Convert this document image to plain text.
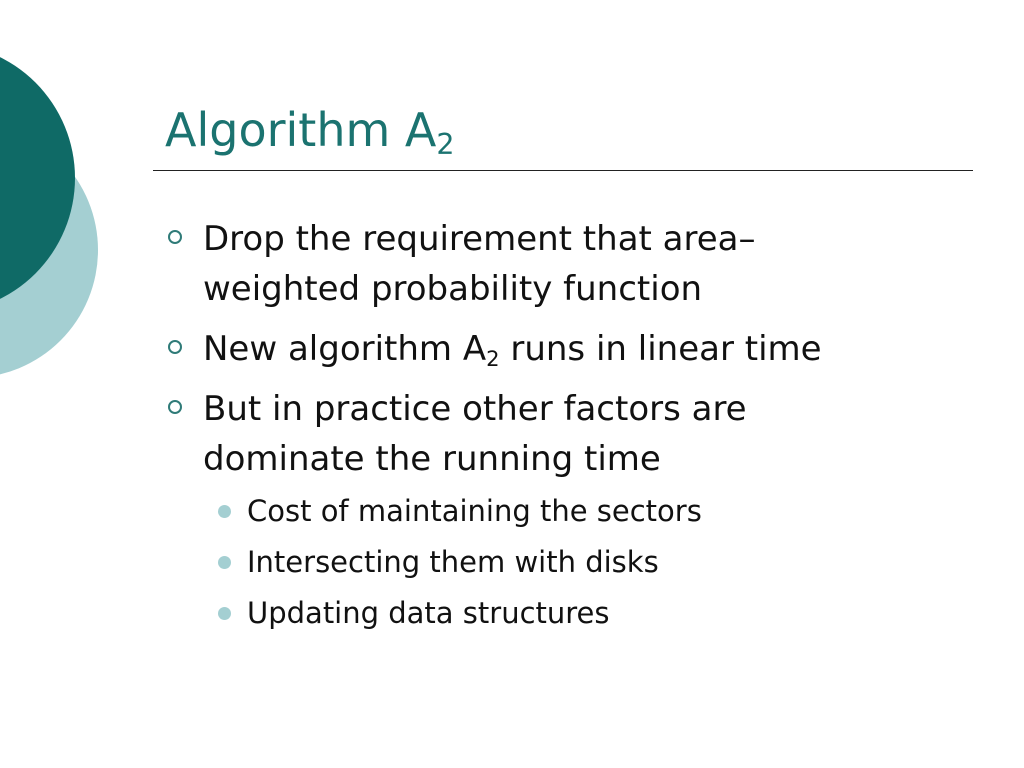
Algorithm $A_2$
Drop the requirement that area–
weighted probability function
New algorithm $A_2$ runs in linear time
But in practice other factors are
dominate the running time
Cost of maintaining the sectors
Intersecting them with disks
Updating data structures
